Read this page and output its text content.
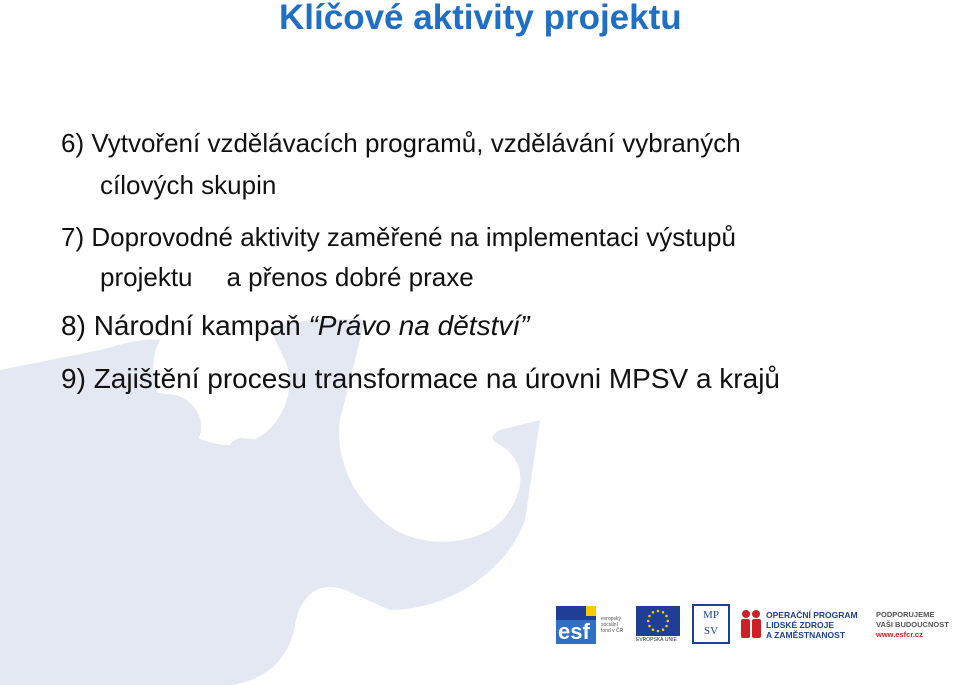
Klíčové aktivity projektu

6) Vytvoření vzdělávacích programů, vzdělávání vybraných

cílových skupin

7) Doprovodné aktivity zaměřené na implementaci výstupů

projektu a přenos dobré praxe

8) Národní kampaň “Právo na dětství”

9) Zajištění procesu transformace na úrovni MPSV a krajů

esf evropský
sociální
fond v ČR
EVROPSKÁ UNIE
MP
SV
OPERAČNÍ PROGRAM
LIDSKÉ ZDROJE
A ZAMĚSTNANOST
PODPORUJEME
VAŠI BUDOUCNOST
www.esfcr.cz
